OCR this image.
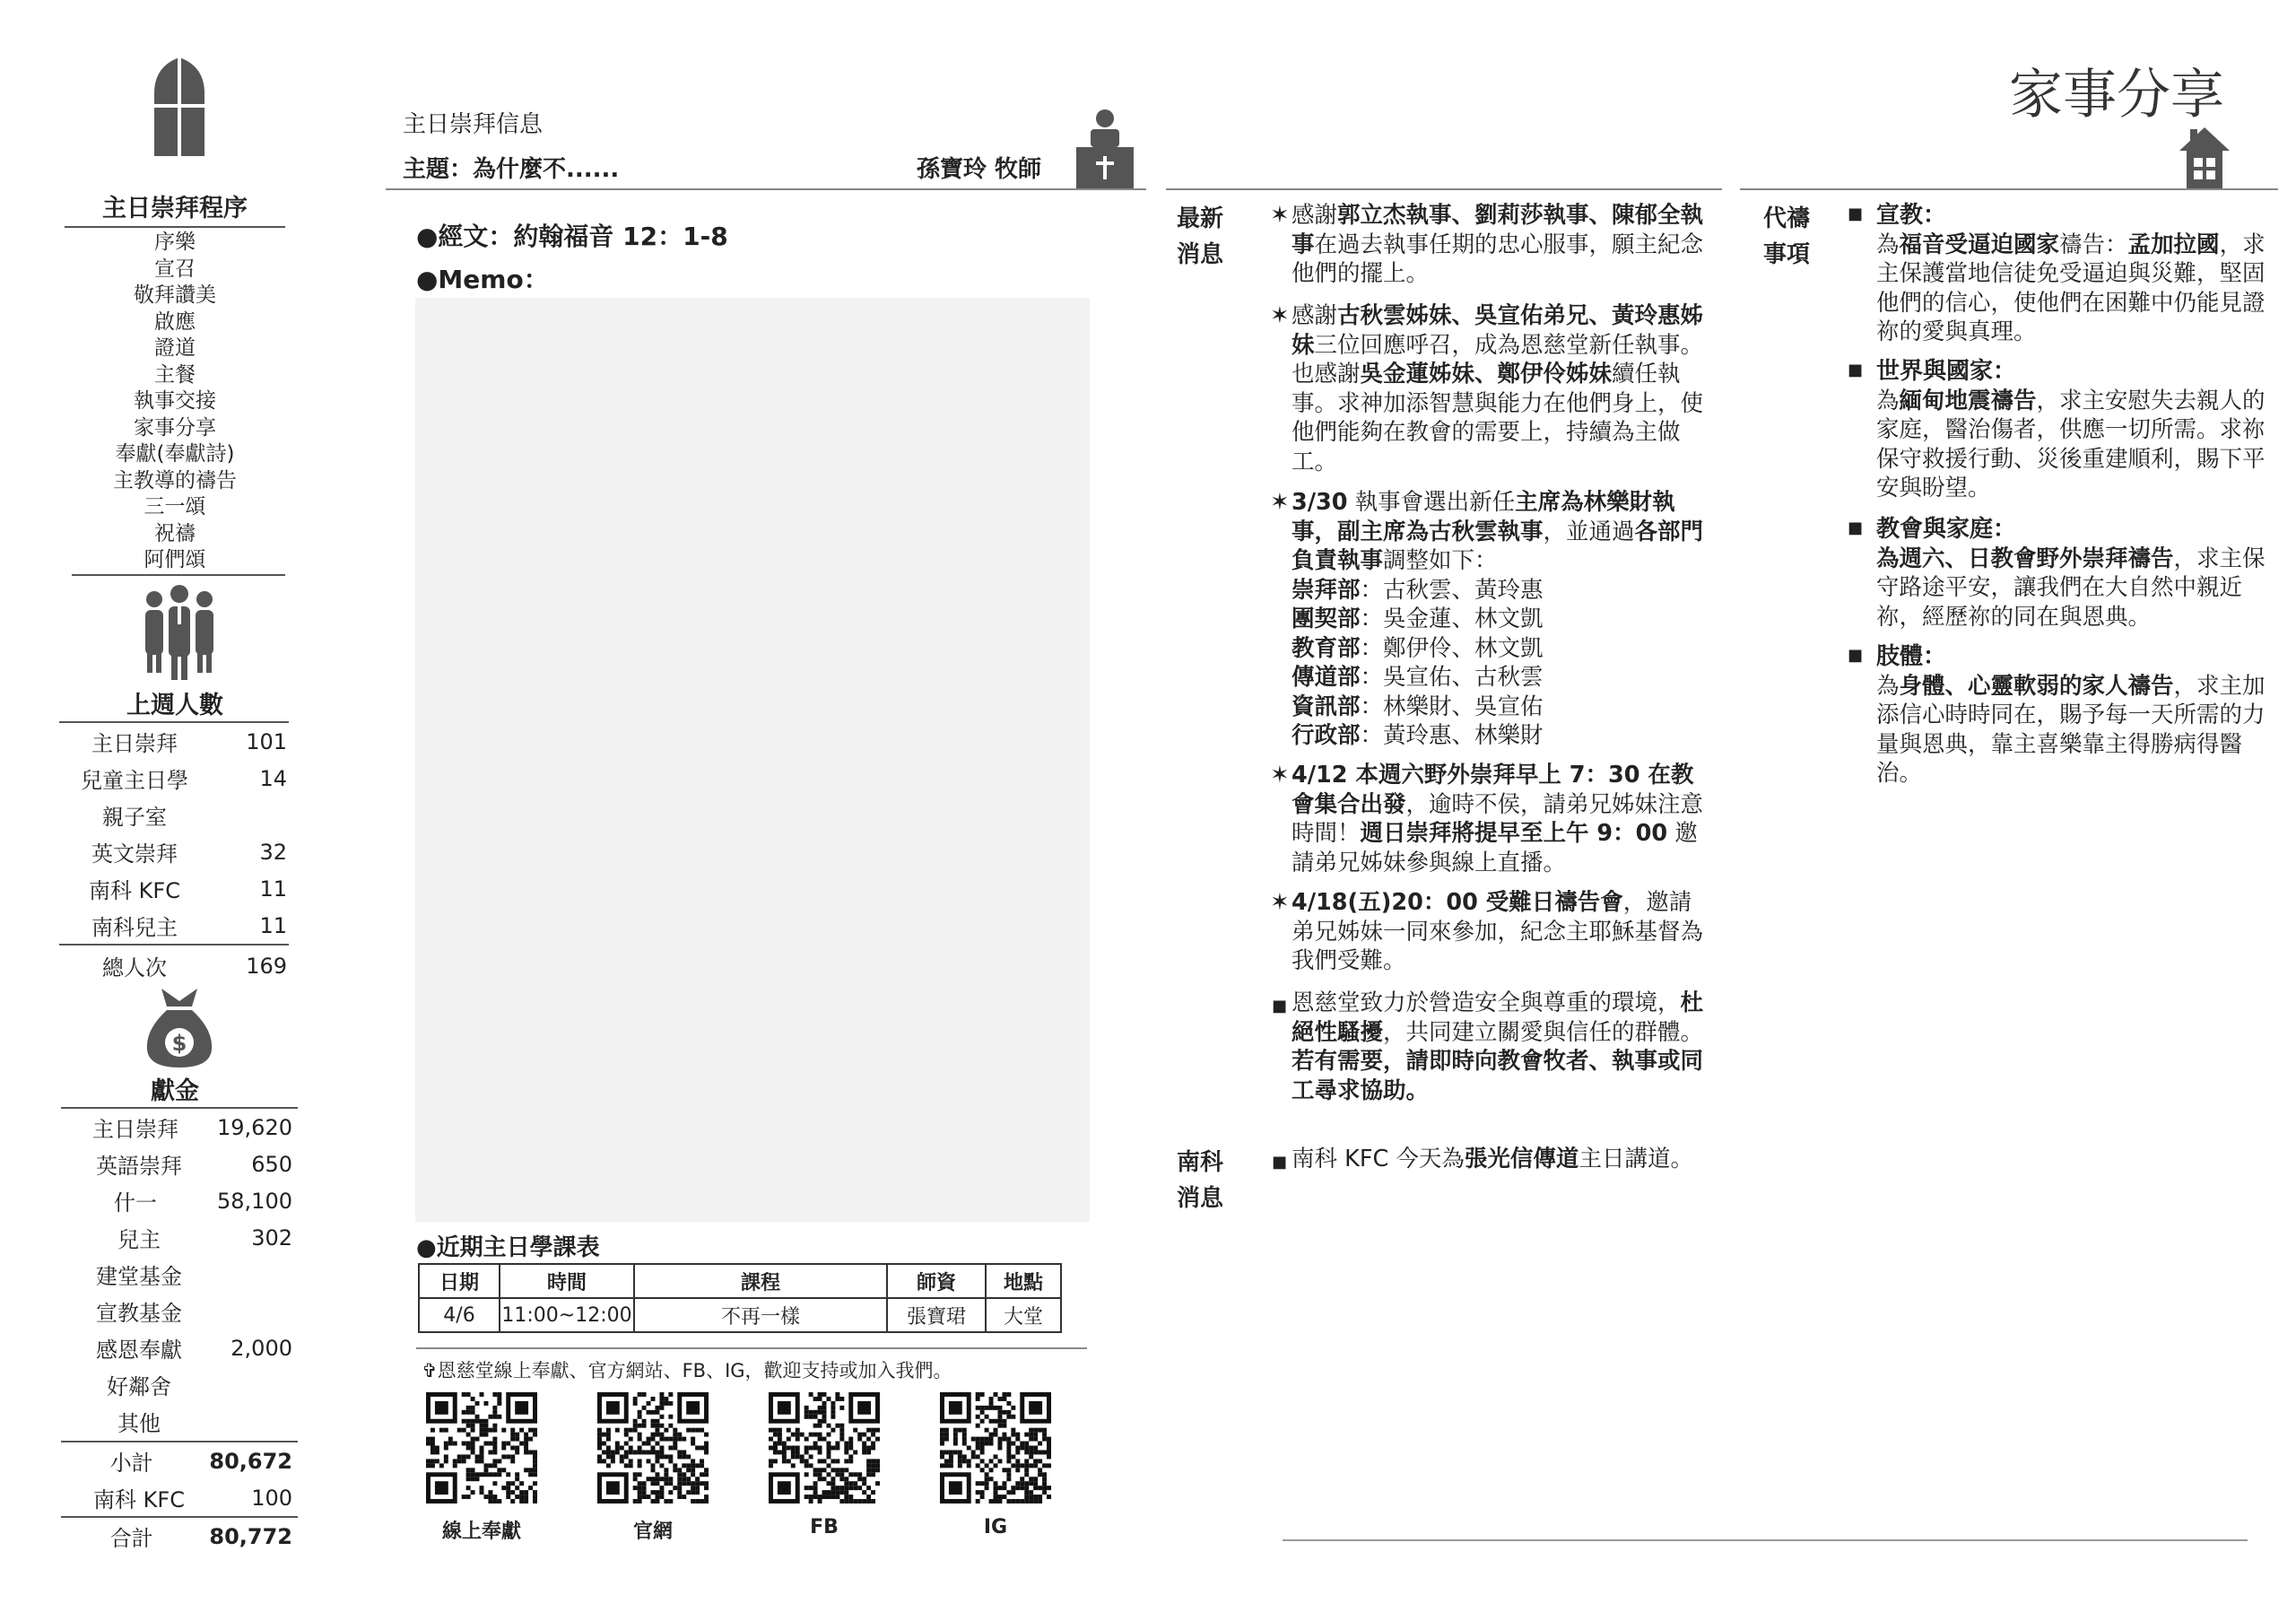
主日崇拜程序
序樂
宣召
敬拜讚美
啟應
證道
主餐
執事交接
家事分享
奉獻(奉獻詩)
主教導的禱告
三一頌
祝禱
阿們頌
上週人數
主日崇拜	101
兒童主日學	14
親子室
英文崇拜	32
南科 KFC	11
南科兒主	11
總人次	169
$
獻金
主日崇拜	19,620
英語崇拜	650
什一	58,100
兒主	302
建堂基金
宣教基金
感恩奉獻	2,000
好鄰舍
其他
小計	80,672
南科 KFC	100
合計	80,772
主日崇拜信息
主題：為什麼不......	孫寶玲 牧師
●經文：約翰福音 12：1-8
●Memo：
●近期主日學課表
日期	時間	課程	師資	地點
4/6	11:00~12:00	不再一樣	張寶珺	大堂
✞恩慈堂線上奉獻、官方網站、FB、IG，歡迎支持或加入我們。
線上奉獻	官網	FB	IG
家事分享
最新
消息
✶ 感謝郭立杰執事、劉莉莎執事、陳郁全執事在過去執事任期的忠心服事，願主紀念他們的擺上。
✶ 感謝古秋雲姊妹、吳宣佑弟兄、黃玲惠姊妹三位回應呼召，成為恩慈堂新任執事。也感謝吳金蓮姊妹、鄭伊伶姊妹續任執事。求神加添智慧與能力在他們身上，使他們能夠在教會的需要上，持續為主做工。
✶ 3/30 執事會選出新任主席為林樂財執事，副主席為古秋雲執事，並通過各部門負責執事調整如下：
崇拜部：古秋雲、黃玲惠
團契部：吳金蓮、林文凱
教育部：鄭伊伶、林文凱
傳道部：吳宣佑、古秋雲
資訊部：林樂財、吳宣佑
行政部：黃玲惠、林樂財
✶ 4/12 本週六野外崇拜早上 7：30 在教會集合出發，逾時不侯，請弟兄姊妹注意時間！週日崇拜將提早至上午 9：00 邀請弟兄姊妹參與線上直播。
✶ 4/18(五)20：00 受難日禱告會，邀請弟兄姊妹一同來參加，紀念主耶穌基督為我們受難。
■ 恩慈堂致力於營造安全與尊重的環境，杜絕性騷擾，共同建立關愛與信任的群體。若有需要，請即時向教會牧者、執事或同工尋求協助。
南科
消息
■ 南科 KFC 今天為張光信傳道主日講道。
代禱
事項
■ 宣教：
為福音受逼迫國家禱告：孟加拉國，求主保護當地信徒免受逼迫與災難，堅固他們的信心，使他們在困難中仍能見證祢的愛與真理。
■ 世界與國家：
為緬甸地震禱告，求主安慰失去親人的家庭，醫治傷者，供應一切所需。求祢保守救援行動、災後重建順利，賜下平安與盼望。
■ 教會與家庭：
為週六、日教會野外崇拜禱告，求主保守路途平安，讓我們在大自然中親近祢，經歷祢的同在與恩典。
■ 肢體：
為身體、心靈軟弱的家人禱告，求主加添信心時時同在，賜予每一天所需的力量與恩典，靠主喜樂靠主得勝病得醫治。
